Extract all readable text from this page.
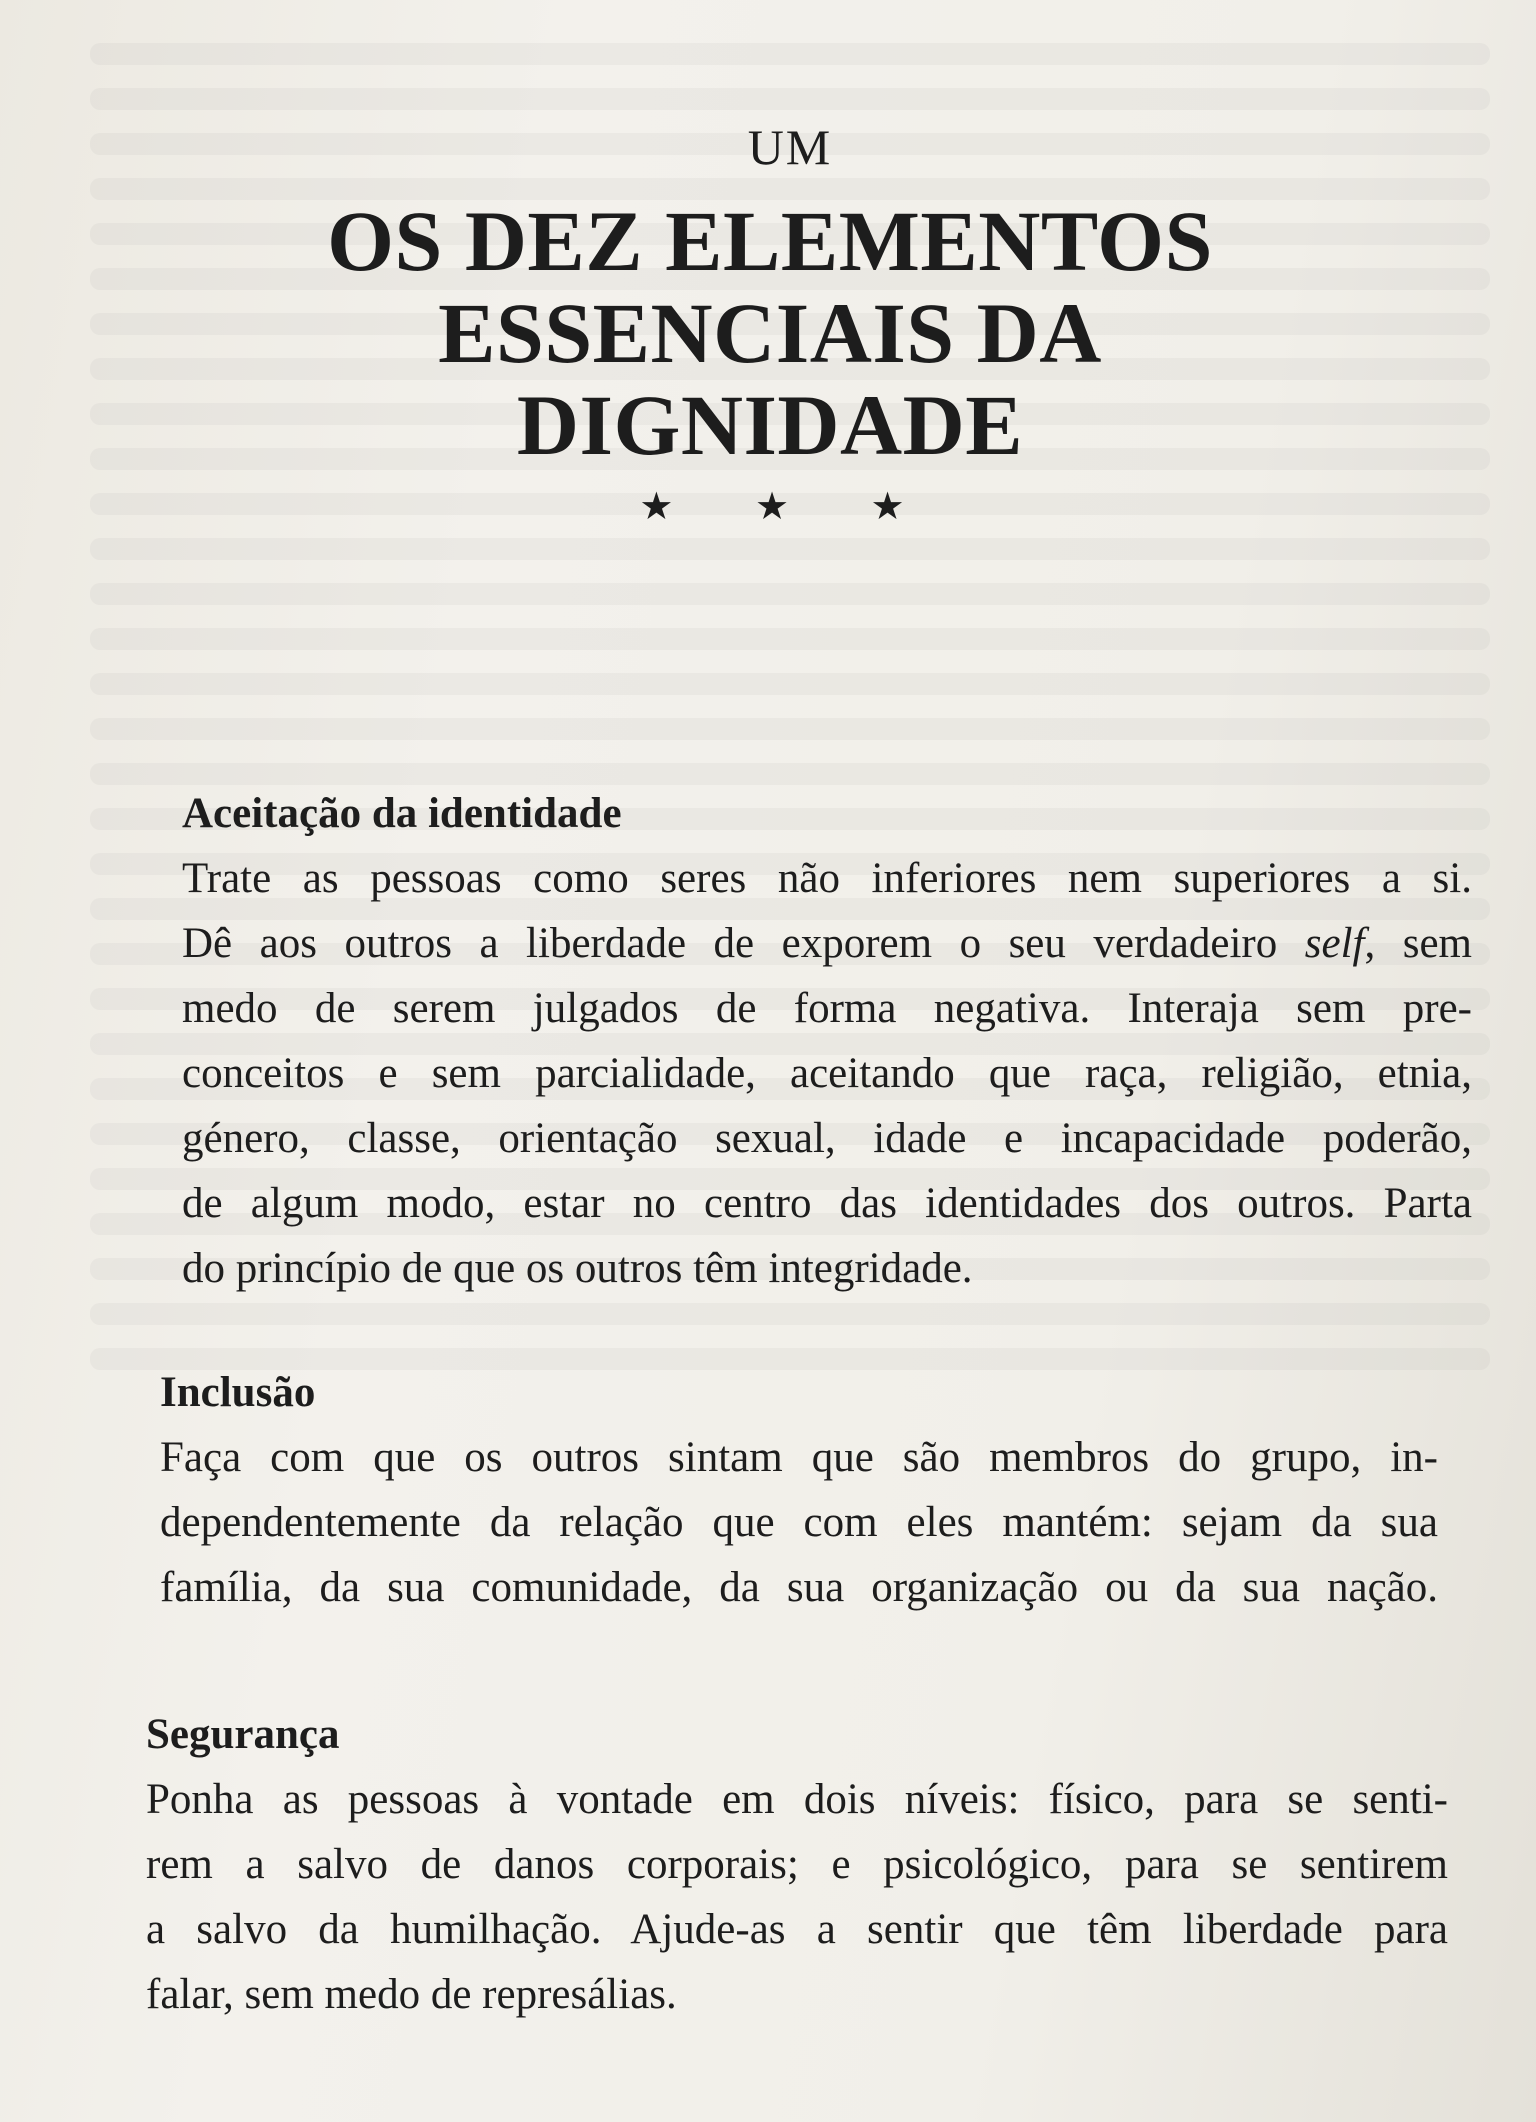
UM
OS DEZ ELEMENTOS
ESSENCIAIS DA DIGNIDADE
★ ★ ★
Aceitação da identidade

Trate as pessoas como seres não inferiores nem superiores a si.
Dê aos outros a liberdade de exporem o seu verdadeiro self, sem
medo de serem julgados de forma negativa. Interaja sem pre-
conceitos e sem parcialidade, aceitando que raça, religião, etnia,
género, classe, orientação sexual, idade e incapacidade poderão,
de algum modo, estar no centro das identidades dos outros. Parta
do princípio de que os outros têm integridade.

Inclusão

Faça com que os outros sintam que são membros do grupo, in-
dependentemente da relação que com eles mantém: sejam da sua
família, da sua comunidade, da sua organização ou da sua nação.

Segurança

Ponha as pessoas à vontade em dois níveis: físico, para se senti-
rem a salvo de danos corporais; e psicológico, para se sentirem
a salvo da humilhação. Ajude-as a sentir que têm liberdade para
falar, sem medo de represálias.
